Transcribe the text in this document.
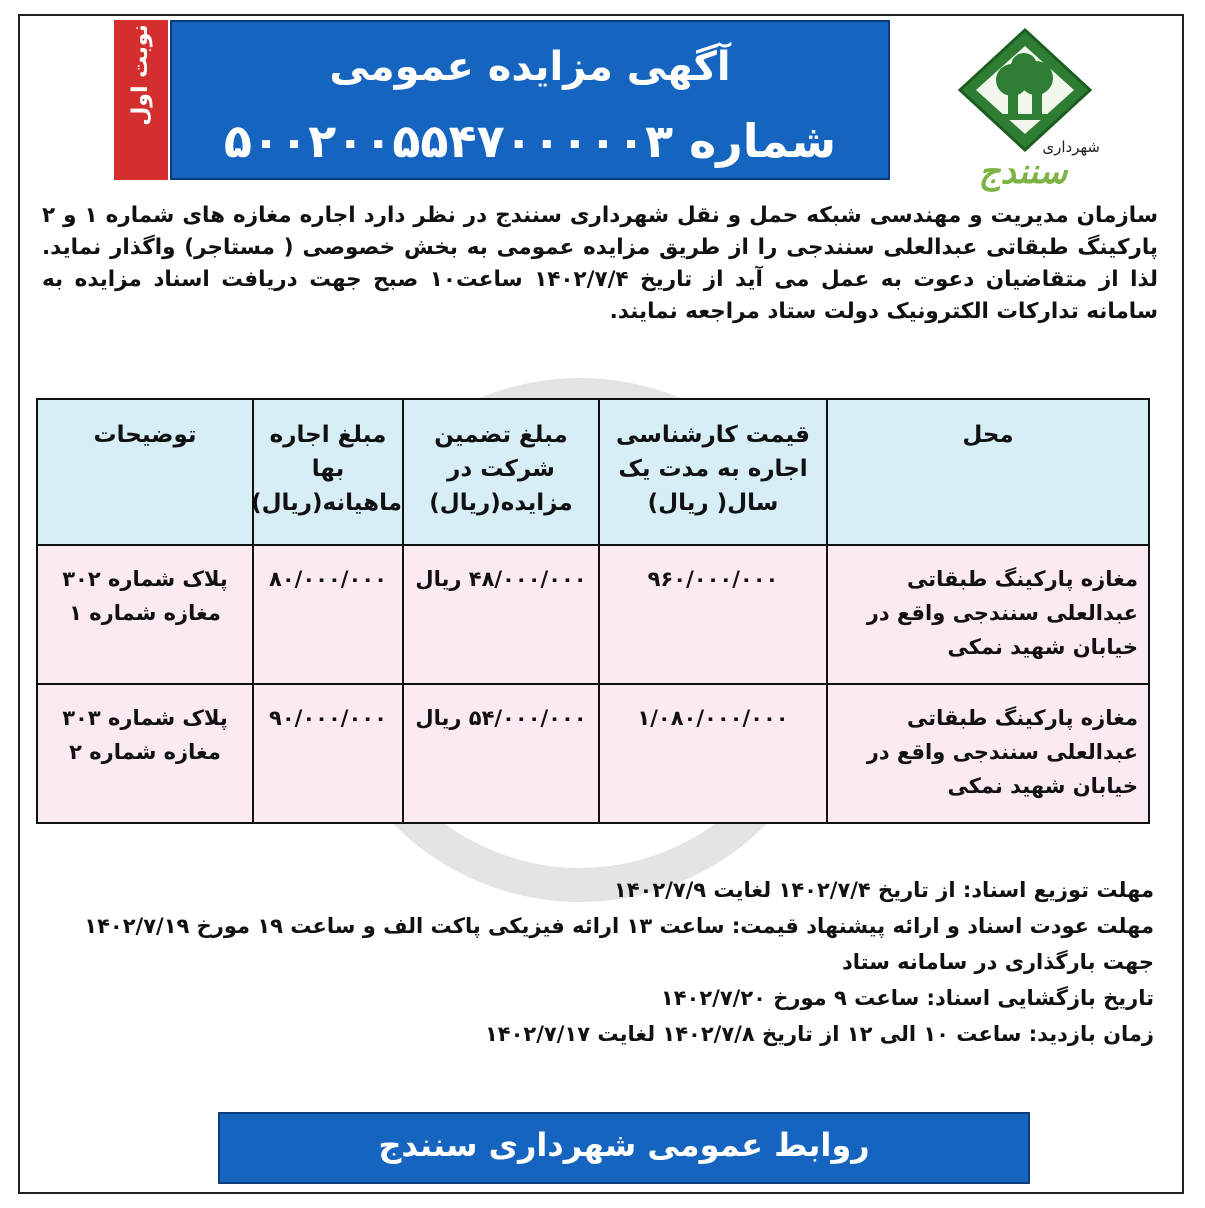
آگهی مزایده عمومی
شماره ۵۰۰۲۰۰۵۵۴۷۰۰۰۰۰۳
نوبت اول
شهرداری
سنندج
سازمان مدیریت و مهندسی شبکه حمل و نقل شهرداری سنندج در نظر دارد اجاره مغازه های شماره ۱ و ۲ پارکینگ طبقاتی عبدالعلی سنندجی را از طریق مزایده عمومی به بخش خصوصی ( مستاجر) واگذار نماید. لذا از متقاضیان دعوت به عمل می آید از تاریخ ۱۴۰۲/۷/۴ ساعت۱۰ صبح جهت دریافت اسناد مزایده به سامانه تدارکات الکترونیک دولت ستاد مراجعه نمایند.
محل	قیمت کارشناسی اجاره به مدت یک سال( ریال)	مبلغ تضمین شرکت در مزایده(ریال)	مبلغ اجاره بها ماهیانه(ریال)	توضیحات
مغازه پارکینگ طبقاتی عبدالعلی سنندجی واقع در خیابان شهید نمکی	۹۶۰/۰۰۰/۰۰۰	۴۸/۰۰۰/۰۰۰ ریال	۸۰/۰۰۰/۰۰۰	پلاک شماره ۳۰۲ مغازه شماره ۱
مغازه پارکینگ طبقاتی عبدالعلی سنندجی واقع در خیابان شهید نمکی	۱/۰۸۰/۰۰۰/۰۰۰	۵۴/۰۰۰/۰۰۰ ریال	۹۰/۰۰۰/۰۰۰	پلاک شماره ۳۰۳ مغازه شماره ۲

مهلت توزیع اسناد: از تاریخ ۱۴۰۲/۷/۴ لغایت ۱۴۰۲/۷/۹

مهلت عودت اسناد و ارائه پیشنهاد قیمت: ساعت ۱۳ ارائه فیزیکی پاکت الف و ساعت ۱۹ مورخ ۱۴۰۲/۷/۱۹ جهت بارگذاری در سامانه ستاد

تاریخ بازگشایی اسناد: ساعت ۹ مورخ ۱۴۰۲/۷/۲۰

زمان بازدید: ساعت ۱۰ الی ۱۲ از تاریخ ۱۴۰۲/۷/۸ لغایت ۱۴۰۲/۷/۱۷

روابط عمومی شهرداری سنندج
